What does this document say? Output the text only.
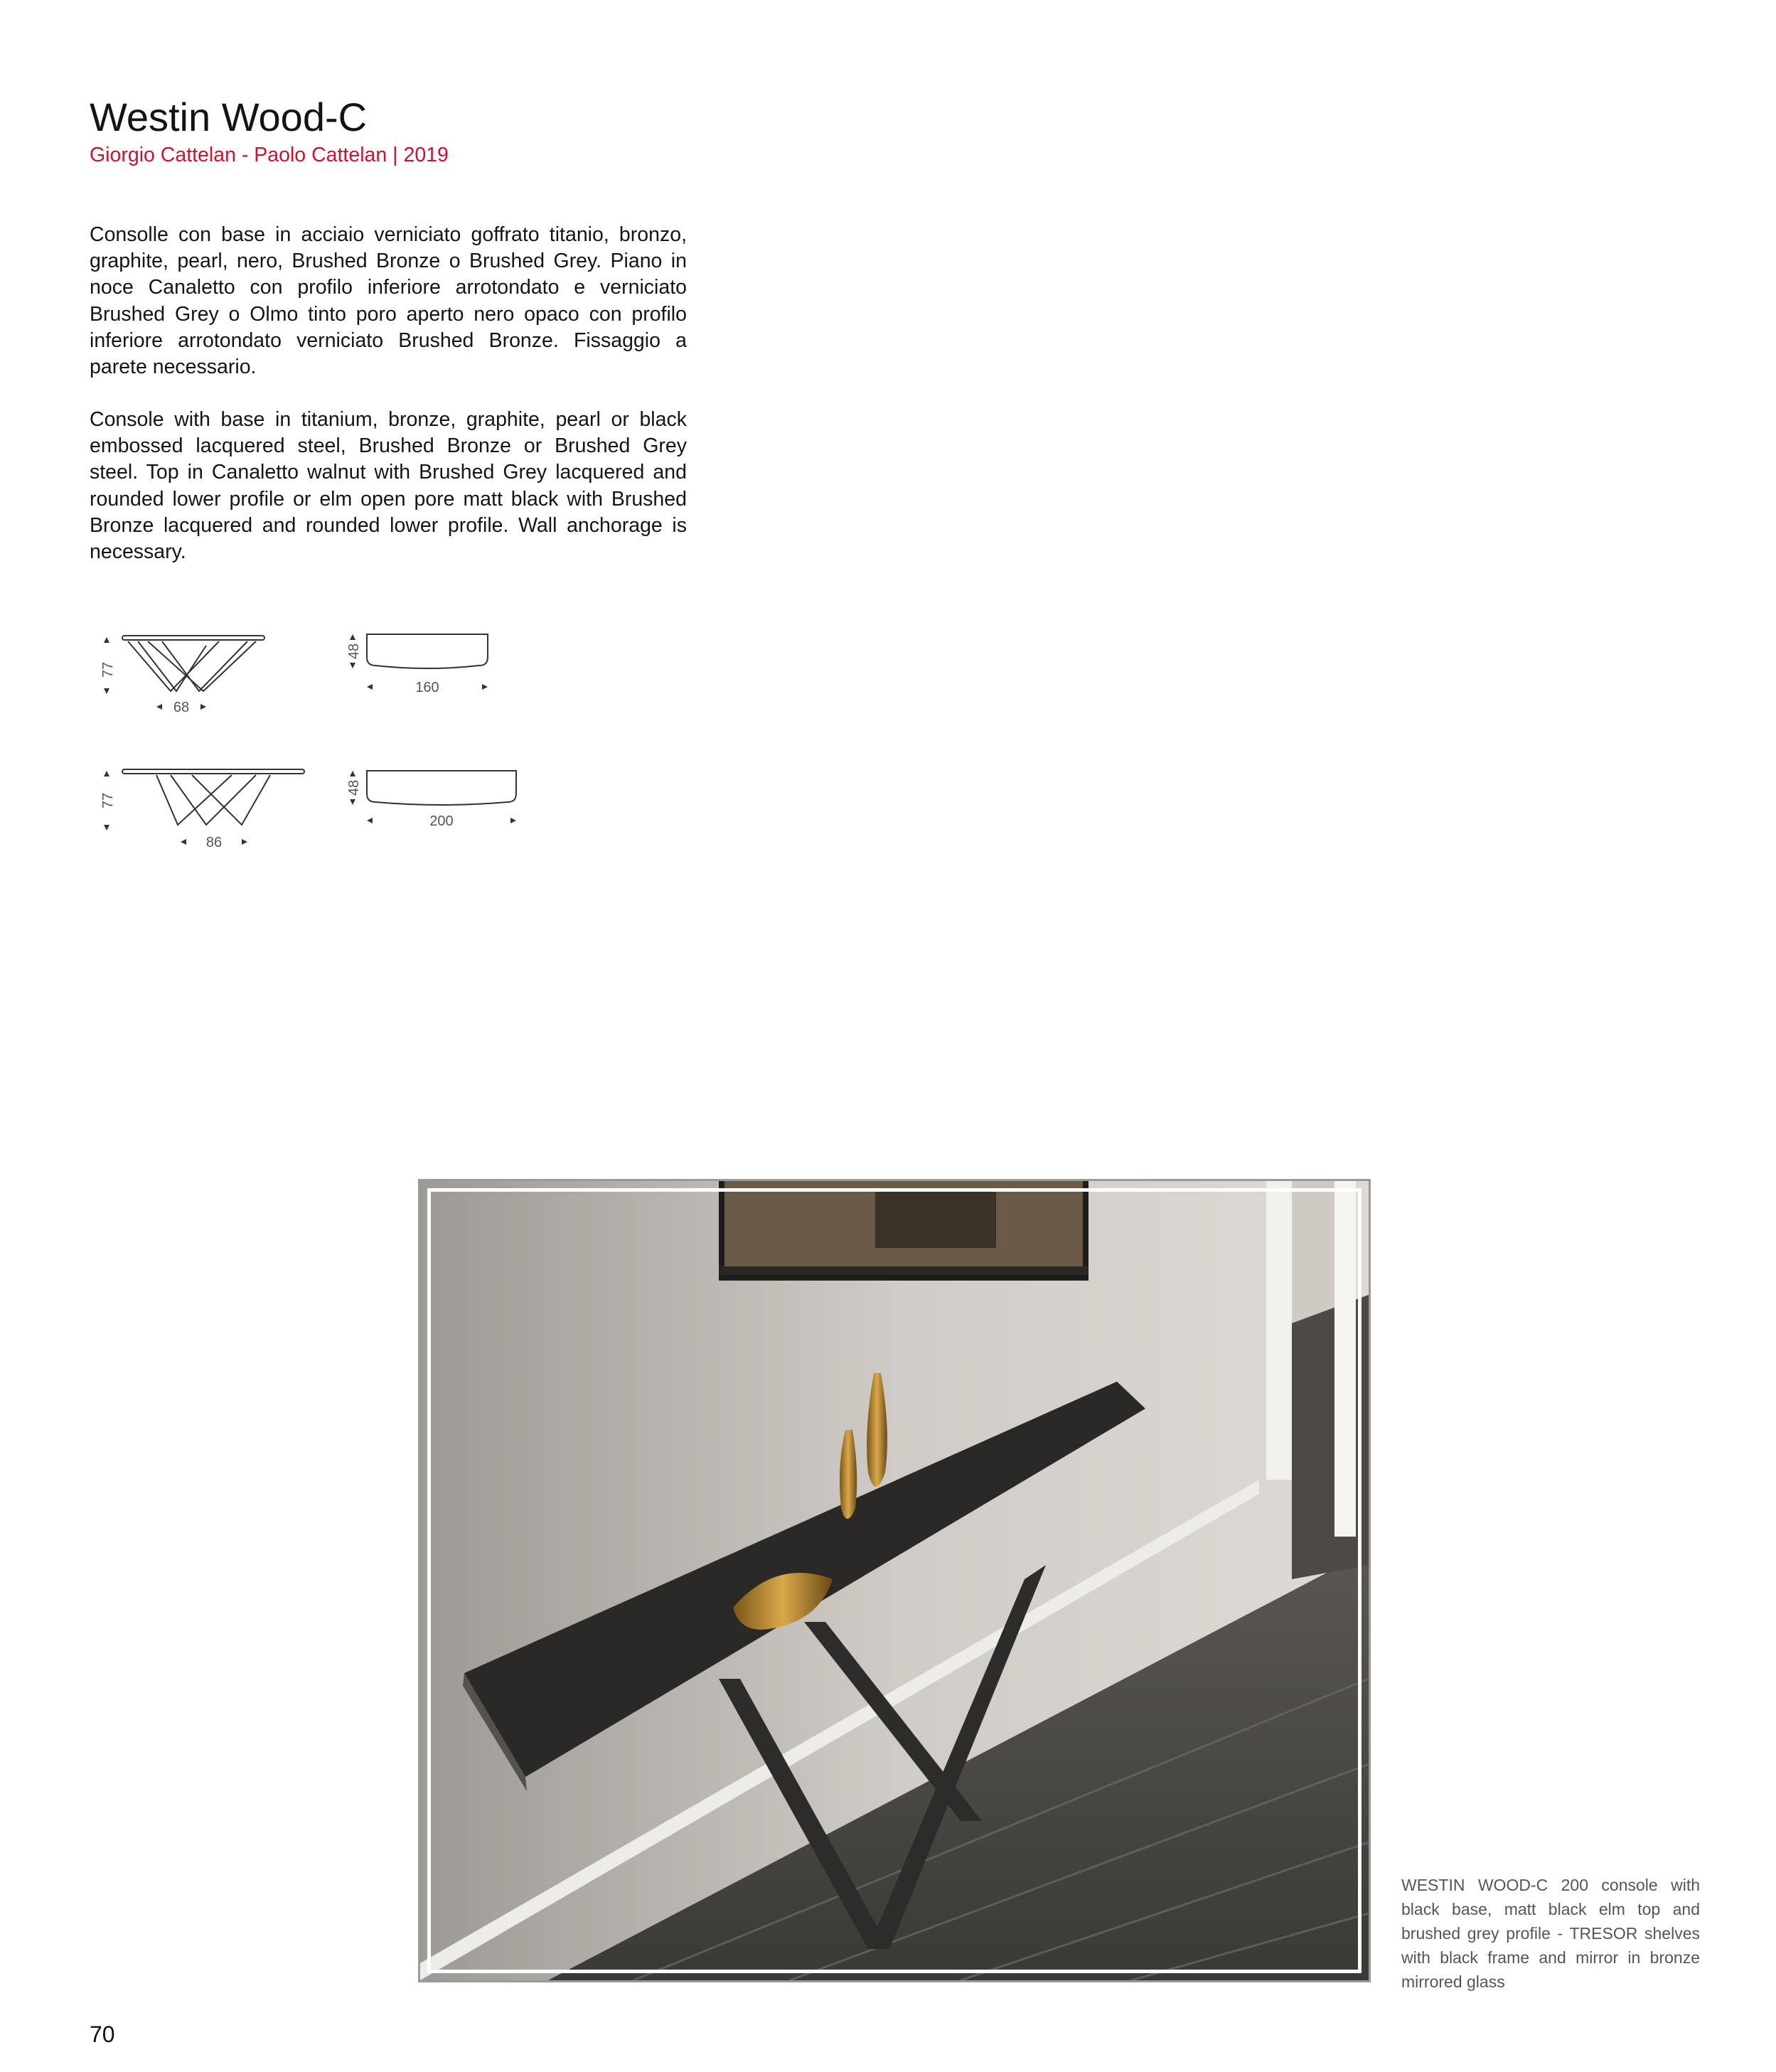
Westin Wood-C
Giorgio Cattelan - Paolo Cattelan | 2019

Consolle con base in acciaio verniciato goffrato titanio, bronzo, graphite, pearl, nero, Brushed Bronze o Brushed Grey. Piano in noce Canaletto con profilo inferiore arrotondato e verniciato Brushed Grey o Olmo tinto poro aperto nero opaco con profilo inferiore arrotondato verniciato Brushed Bronze. Fissaggio a parete necessario.

Console with base in titanium, bronze, graphite, pearl or black embossed lacquered steel, Brushed Bronze or Brushed Grey steel. Top in Canaletto walnut with Brushed Grey lacquered and rounded lower profile or elm open pore matt black with Brushed Bronze lacquered and rounded lower profile. Wall anchorage is necessary.

77
68
48
160
77
86
48
200

WESTIN WOOD-C 200 console with black base, matt black elm top and brushed grey profile - TRESOR shelves with black frame and mirror in bronze mirrored glass

70
